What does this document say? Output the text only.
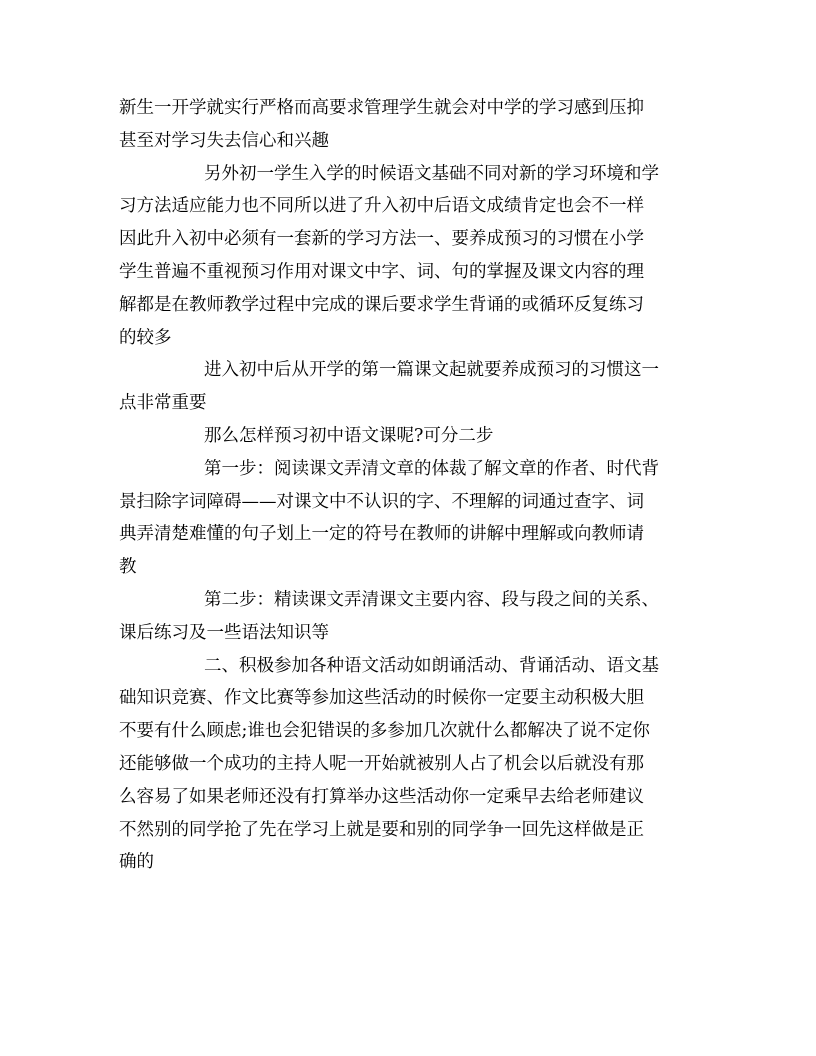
新生一开学就实行严格而高要求管理学生就会对中学的学习感到压抑
甚至对学习失去信心和兴趣
另外初一学生入学的时候语文基础不同对新的学习环境和学
习方法适应能力也不同所以进了升入初中后语文成绩肯定也会不一样
因此升入初中必须有一套新的学习方法一、要养成预习的习惯在小学
学生普遍不重视预习作用对课文中字、词、句的掌握及课文内容的理
解都是在教师教学过程中完成的课后要求学生背诵的或循环反复练习
的较多
进入初中后从开学的第一篇课文起就要养成预习的习惯这一
点非常重要
那么怎样预习初中语文课呢?可分二步
第一步：阅读课文弄清文章的体裁了解文章的作者、时代背
景扫除字词障碍——对课文中不认识的字、不理解的词通过查字、词
典弄清楚难懂的句子划上一定的符号在教师的讲解中理解或向教师请
教
第二步：精读课文弄清课文主要内容、段与段之间的关系、
课后练习及一些语法知识等
二、积极参加各种语文活动如朗诵活动、背诵活动、语文基
础知识竞赛、作文比赛等参加这些活动的时候你一定要主动积极大胆
不要有什么顾虑;谁也会犯错误的多参加几次就什么都解决了说不定你
还能够做一个成功的主持人呢一开始就被别人占了机会以后就没有那
么容易了如果老师还没有打算举办这些活动你一定乘早去给老师建议
不然别的同学抢了先在学习上就是要和别的同学争一回先这样做是正
确的
